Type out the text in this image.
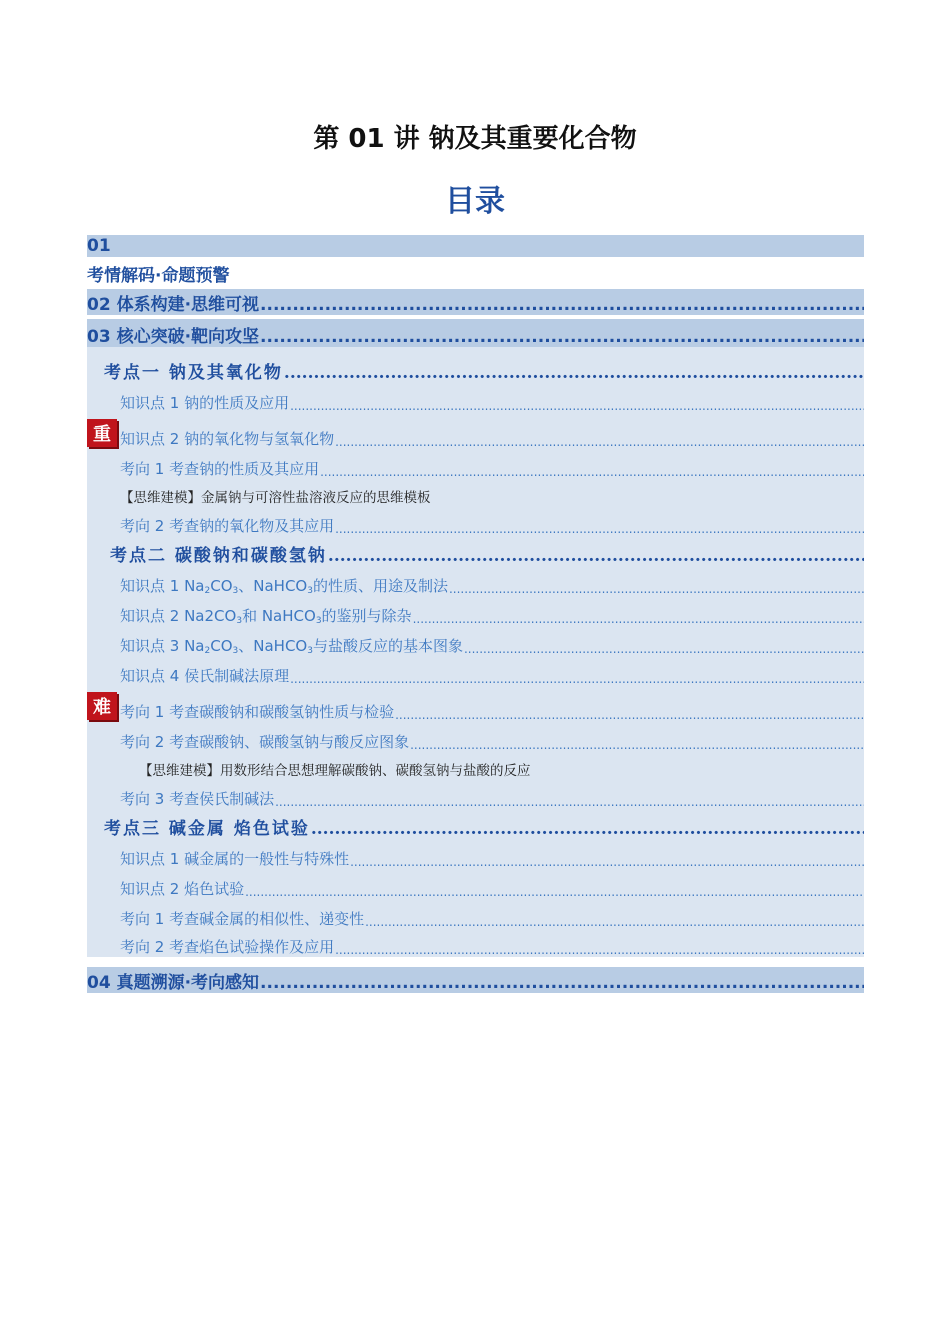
第 01 讲 钠及其重要化合物
目录
01
考情解码·命题预警
02 体系构建·思维可视
.....
03 核心突破·靶向攻坚
.....
考点一 钠及其氧化物
.....
知识点 1 钠的性质及应用
.....
重 知识点 2 钠的氧化物与氢氧化物
.....
考向 1 考查钠的性质及其应用
.....
【思维建模】金属钠与可溶性盐溶液反应的思维模板
考向 2 考查钠的氧化物及其应用
.....
考点二 碳酸钠和碳酸氢钠
.....
知识点 1 $Na_2CO_3$、NaHCO$_3$的性质、用途及制法
.....
知识点 2 $Na2CO_3$和 NaHCO$_3$的鉴别与除杂
.....
知识点 3 $Na_2CO_3$、NaHCO$_3$与盐酸反应的基本图象
.....
知识点 4 侯氏制碱法原理
.....
难 考向 1 考查碳酸钠和碳酸氢钠性质与检验
.....
考向 2 考查碳酸钠、碳酸氢钠与酸反应图象
.....
【思维建模】用数形结合思想理解碳酸钠、碳酸氢钠与盐酸的反应
考向 3 考查侯氏制碱法
.....
考点三 碱金属 焰色试验
.....
知识点 1 碱金属的一般性与特殊性
.....
知识点 2 焰色试验
.....
考向 1 考查碱金属的相似性、递变性
.....
考向 2 考查焰色试验操作及应用
.....
04 真题溯源·考向感知
.....
